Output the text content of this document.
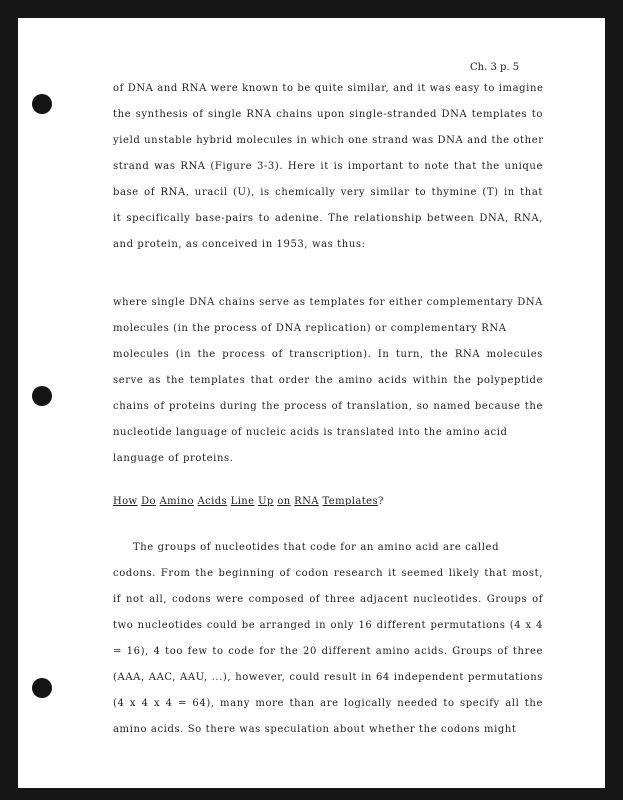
Ch. 3 p. 5
of DNA and RNA were known to be quite similar, and it was easy to imagine
the synthesis of single RNA chains upon single-stranded DNA templates to
yield unstable hybrid molecules in which one strand was DNA and the other
strand was RNA (Figure 3-3). Here it is important to note that the unique
base of RNA, uracil (U), is chemically very similar to thymine (T) in that
it specifically base-pairs to adenine. The relationship between DNA, RNA,
and protein, as conceived in 1953, was thus:
where single DNA chains serve as templates for either complementary DNA
molecules (in the process of DNA replication) or complementary RNA
molecules (in the process of transcription). In turn, the RNA molecules
serve as the templates that order the amino acids within the polypeptide
chains of proteins during the process of translation, so named because the
nucleotide language of nucleic acids is translated into the amino acid
language of proteins.
How Do Amino Acids Line Up on RNA Templates?
The groups of nucleotides that code for an amino acid are called
codons. From the beginning of codon research it seemed likely that most,
if not all, codons were composed of three adjacent nucleotides. Groups of
two nucleotides could be arranged in only 16 different permutations (4 x 4
= 16), 4 too few to code for the 20 different amino acids. Groups of three
(AAA, AAC, AAU, ...), however, could result in 64 independent permutations
(4 x 4 x 4 = 64), many more than are logically needed to specify all the
amino acids. So there was speculation about whether the codons might
